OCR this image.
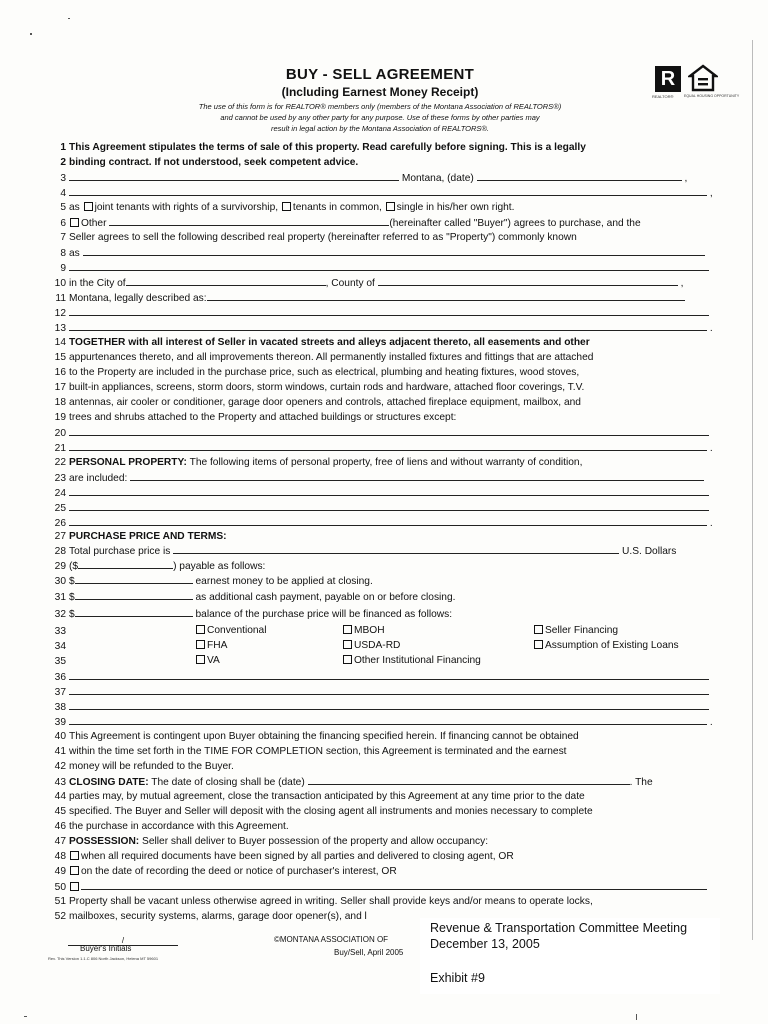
BUY - SELL AGREEMENT
(Including Earnest Money Receipt)
The use of this form is for REALTOR® members only (members of the Montana Association of REALTORS®)
and cannot be used by any other party for any purpose. Use of these forms by other parties may
result in legal action by the Montana Association of REALTORS®.
R
REALTOR®	EQUAL HOUSING OPPORTUNITY
1 This Agreement stipulates the terms of sale of this property. Read carefully before signing. This is a legally
2 binding contract. If not understood, seek competent advice.
3	Montana, (date)	,
4	,
5 as joint tenants with rights of a survivorship, tenants in common, single in his/her own right.
6 Other	(hereinafter called "Buyer") agrees to purchase, and the
7 Seller agrees to sell the following described real property (hereinafter referred to as "Property") commonly known
8 as
9
10 in the City of	, County of	,
11 Montana, legally described as:
12
13	.
14 TOGETHER with all interest of Seller in vacated streets and alleys adjacent thereto, all easements and other
15 appurtenances thereto, and all improvements thereon. All permanently installed fixtures and fittings that are attached
16 to the Property are included in the purchase price, such as electrical, plumbing and heating fixtures, wood stoves,
17 built-in appliances, screens, storm doors, storm windows, curtain rods and hardware, attached floor coverings, T.V.
18 antennas, air cooler or conditioner, garage door openers and controls, attached fireplace equipment, mailbox, and
19 trees and shrubs attached to the Property and attached buildings or structures except:
20
21	.
22 PERSONAL PROPERTY: The following items of personal property, free of liens and without warranty of condition,
23 are included:
24
25
26	.
27 PURCHASE PRICE AND TERMS:
28 Total purchase price is	U.S. Dollars
29 ($	) payable as follows:
30 $	earnest money to be applied at closing.
31 $	as additional cash payment, payable on or before closing.
32 $	balance of the purchase price will be financed as follows:
33
34
35
Conventional	MBOH	Seller Financing
FHA	USDA-RD	Assumption of Existing Loans
VA	Other Institutional Financing
36
37
38
39	.
40 This Agreement is contingent upon Buyer obtaining the financing specified herein. If financing cannot be obtained
41 within the time set forth in the TIME FOR COMPLETION section, this Agreement is terminated and the earnest
42 money will be refunded to the Buyer.
43 CLOSING DATE: The date of closing shall be (date)	. The
44 parties may, by mutual agreement, close the transaction anticipated by this Agreement at any time prior to the date
45 specified. The Buyer and Seller will deposit with the closing agent all instruments and monies necessary to complete
46 the purchase in accordance with this Agreement.
47 POSSESSION: Seller shall deliver to Buyer possession of the property and allow occupancy:
48 when all required documents have been signed by all parties and delivered to closing agent, OR
49 on the date of recording the deed or notice of purchaser's interest, OR
50
51 Property shall be vacant unless otherwise agreed in writing. Seller shall provide keys and/or means to operate locks,
52 mailboxes, security systems, alarms, garage door opener(s), and l
/
Buyer's Initials
Rev. This Version 1.1.C 806 North Jackson, Helena MT 59601
©MONTANA ASSOCIATION OF
Buy/Sell, April 2005
Revenue & Transportation Committee Meeting
December 13, 2005
Exhibit #9
